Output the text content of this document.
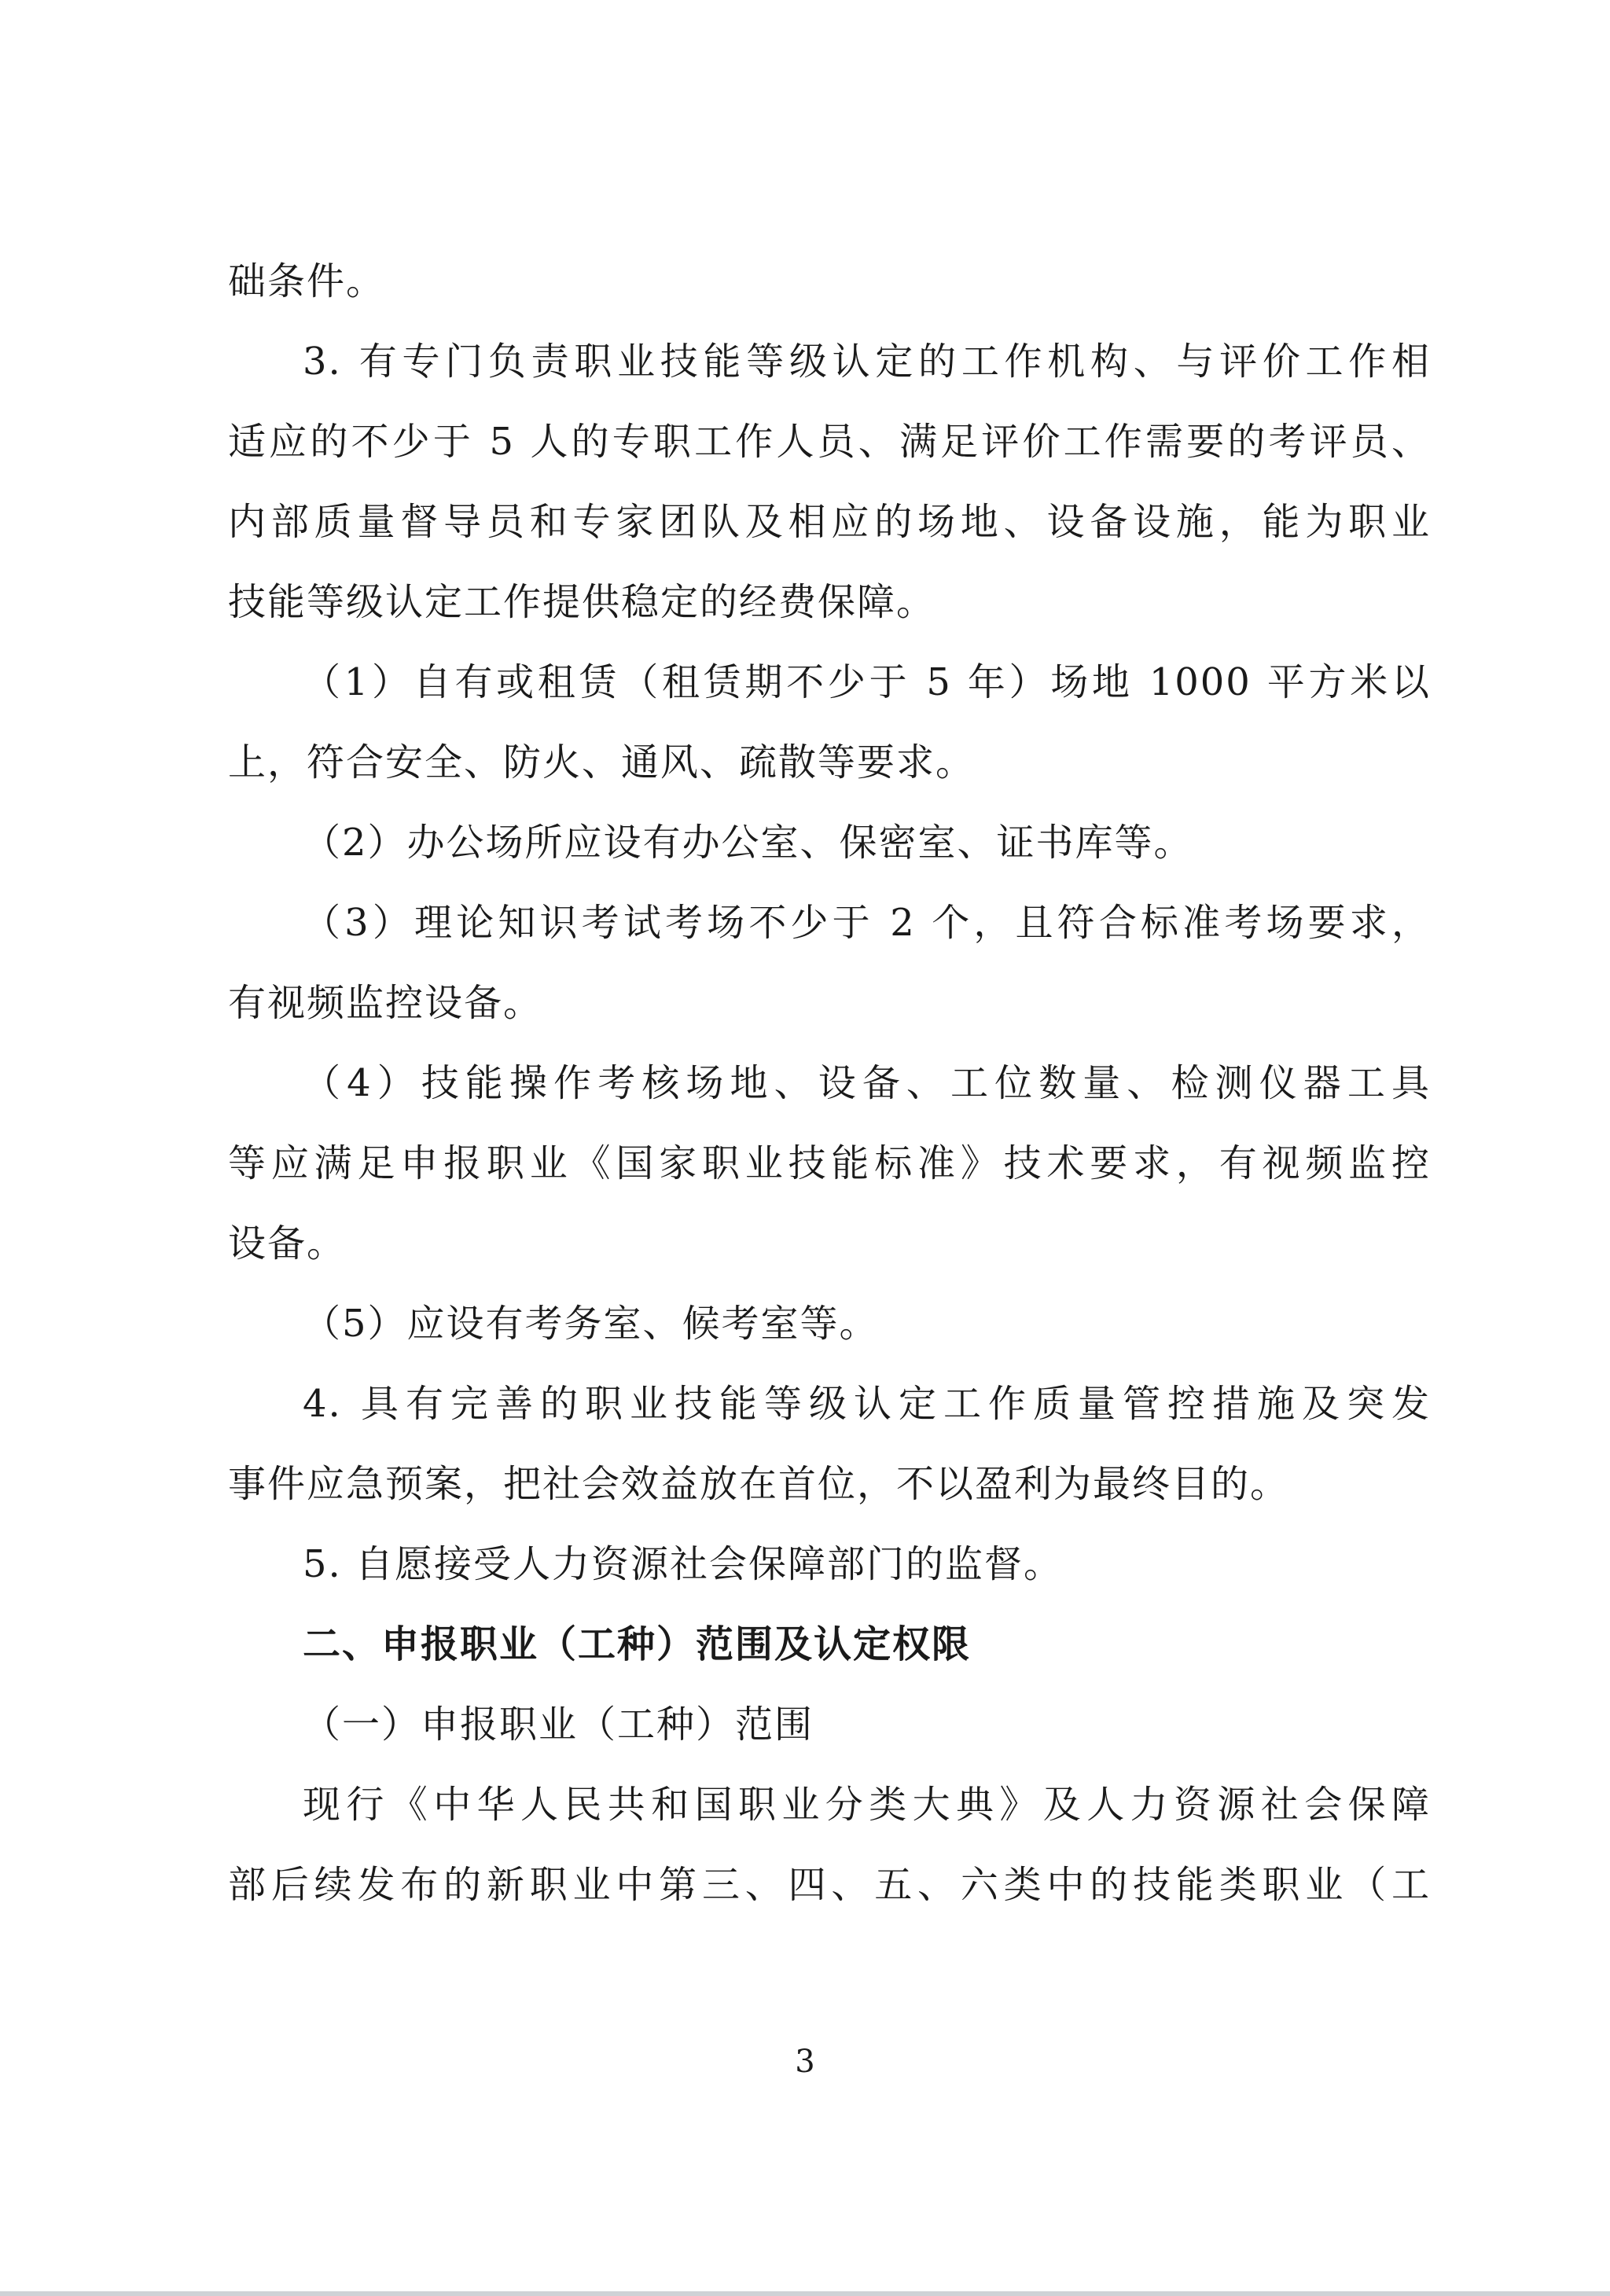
础条件。
3. 有专门负责职业技能等级认定的工作机构、与评价工作相
适应的不少于 5 人的专职工作人员、满足评价工作需要的考评员、
内部质量督导员和专家团队及相应的场地、设备设施，能为职业
技能等级认定工作提供稳定的经费保障。
（1）自有或租赁（租赁期不少于 5 年）场地 1000 平方米以
上，符合安全、防火、通风、疏散等要求。
（2）办公场所应设有办公室、保密室、证书库等。
（3）理论知识考试考场不少于 2 个，且符合标准考场要求，
有视频监控设备。
（4）技能操作考核场地、设备、工位数量、检测仪器工具
等应满足申报职业《国家职业技能标准》技术要求，有视频监控
设备。
（5）应设有考务室、候考室等。
4. 具有完善的职业技能等级认定工作质量管控措施及突发
事件应急预案，把社会效益放在首位，不以盈利为最终目的。
5. 自愿接受人力资源社会保障部门的监督。
二、申报职业（工种）范围及认定权限
（一）申报职业（工种）范围
现行《中华人民共和国职业分类大典》及人力资源社会保障
部后续发布的新职业中第三、四、五、六类中的技能类职业（工
3
